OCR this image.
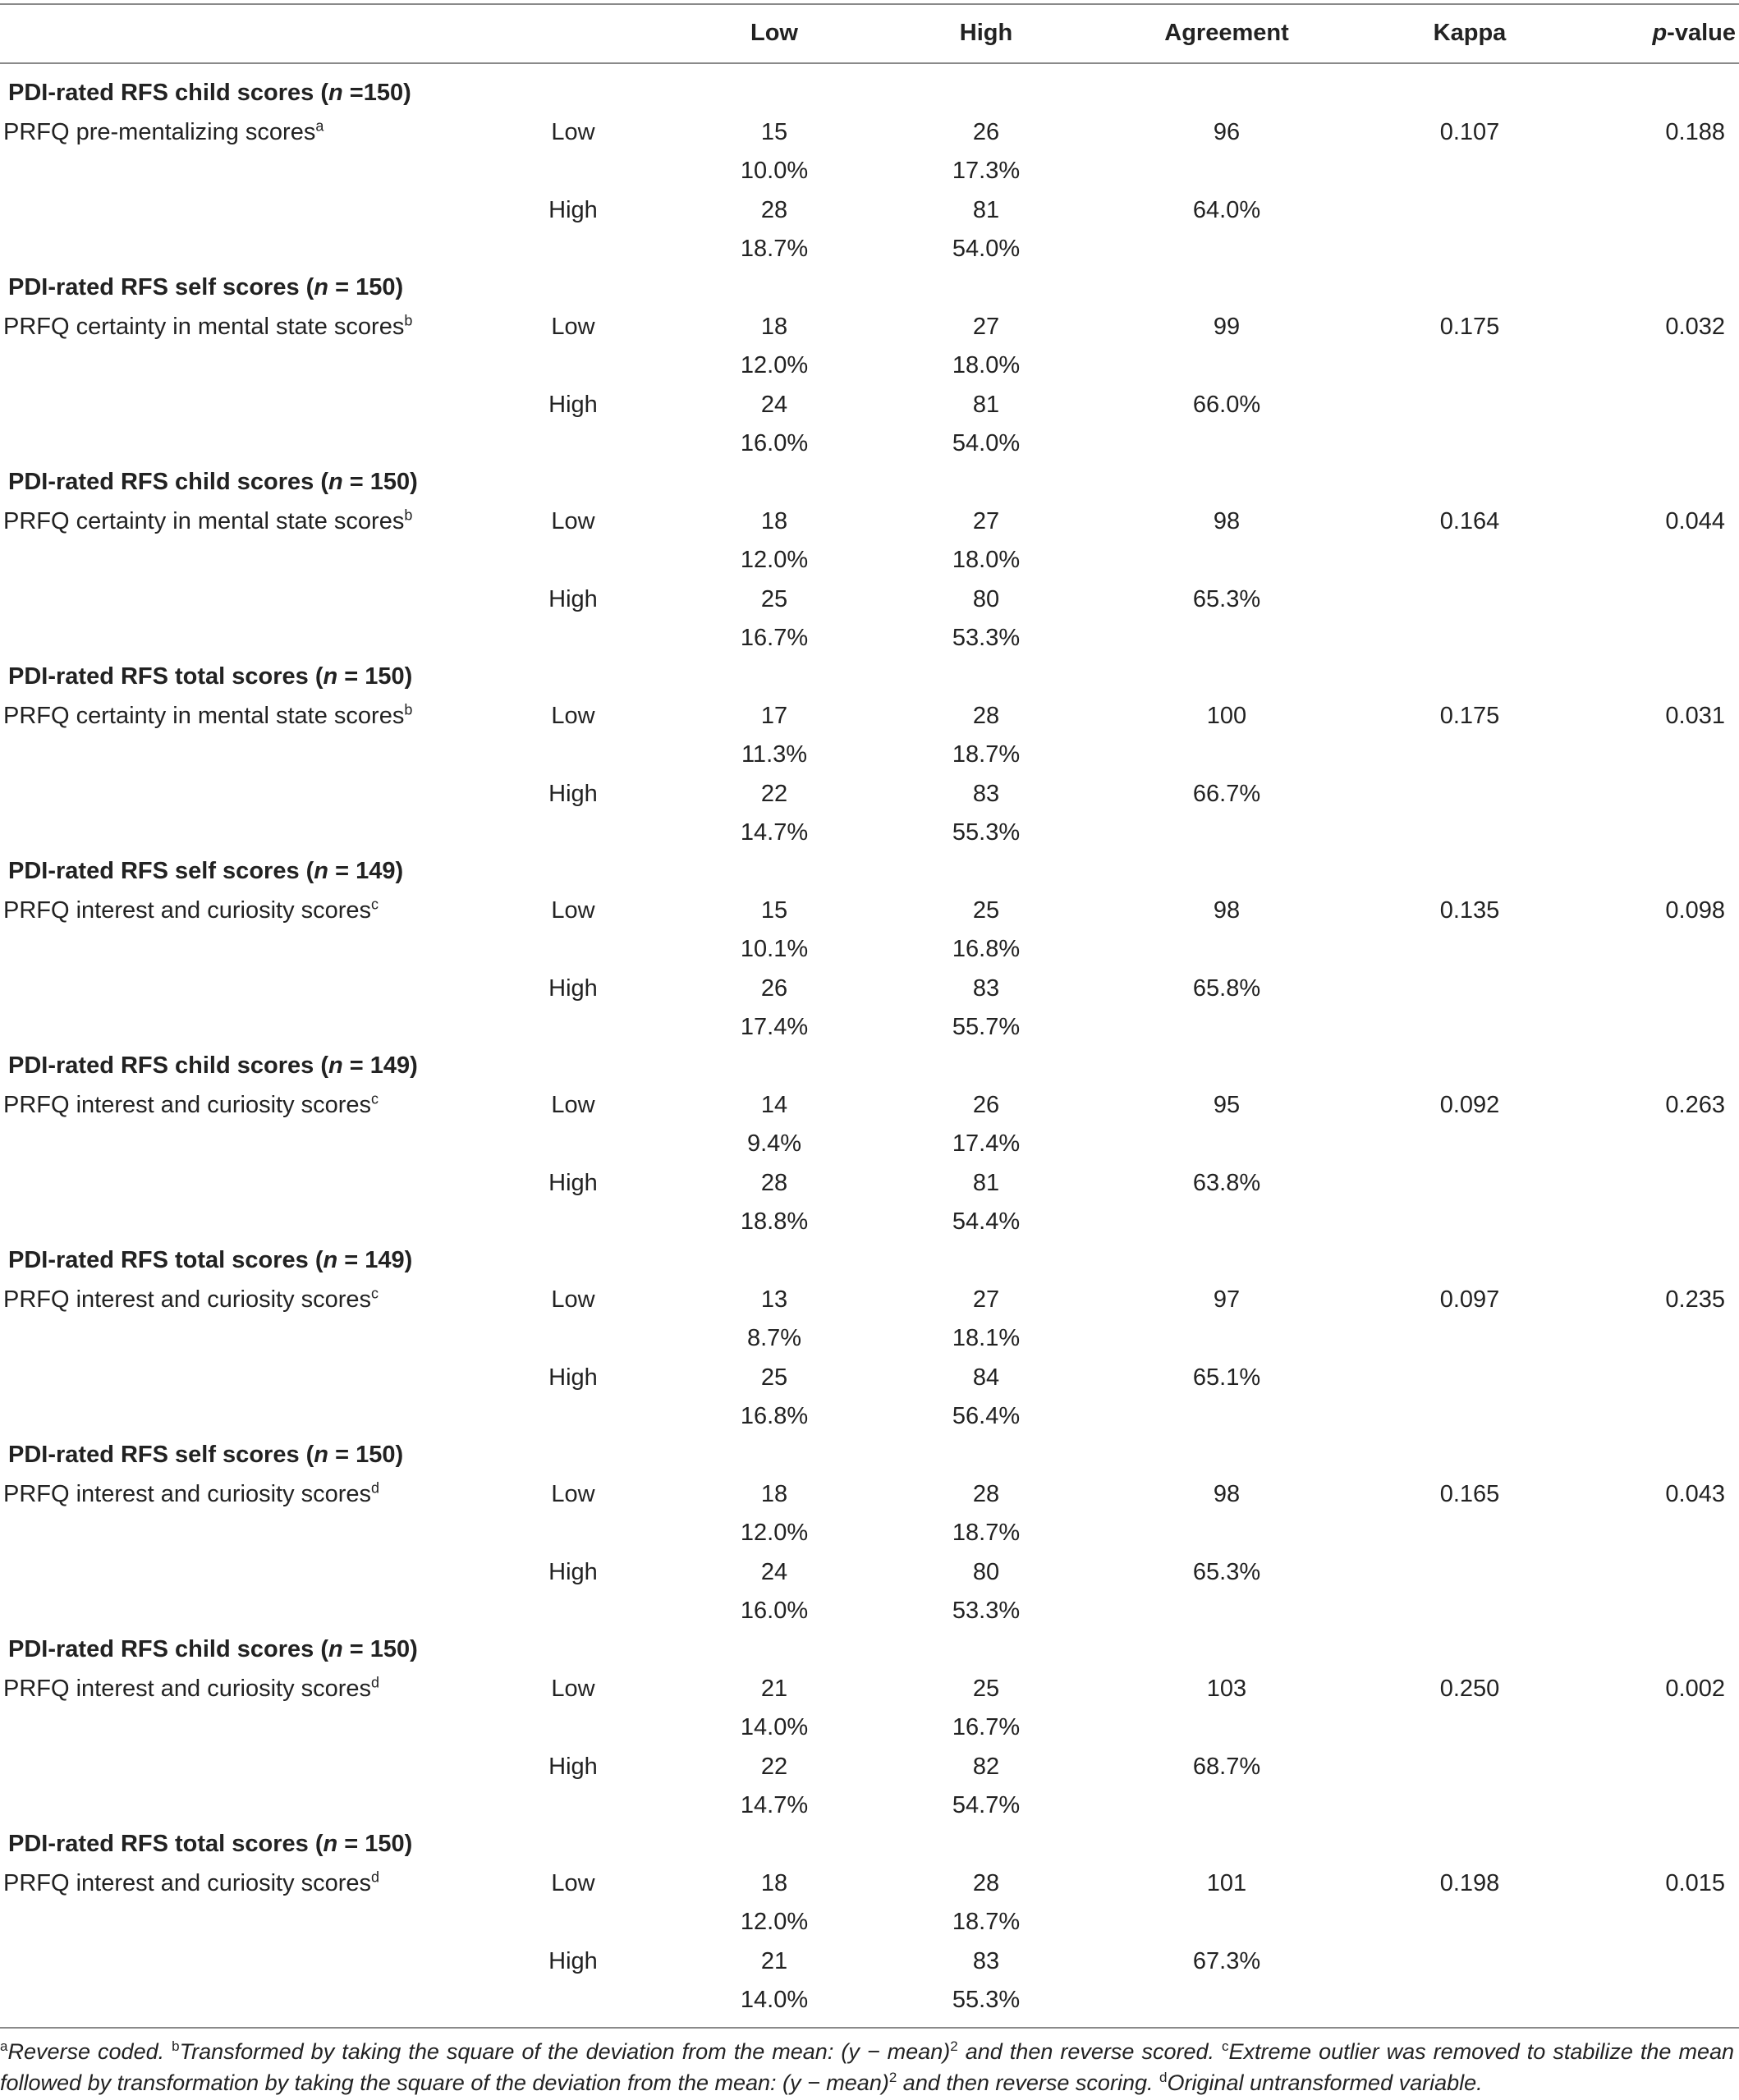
Low	High	Agreement	Kappa	p-value
PDI-rated RFS child scores (n =150)
PRFQ pre-mentalizing scores$^a$	Low	15	26	96	0.107	0.188
10.0%	17.3%
High	28	81	64.0%
18.7%	54.0%
PDI-rated RFS self scores (n = 150)
PRFQ certainty in mental state scores$^b$	Low	18	27	99	0.175	0.032
12.0%	18.0%
High	24	81	66.0%
16.0%	54.0%
PDI-rated RFS child scores (n = 150)
PRFQ certainty in mental state scores$^b$	Low	18	27	98	0.164	0.044
12.0%	18.0%
High	25	80	65.3%
16.7%	53.3%
PDI-rated RFS total scores (n = 150)
PRFQ certainty in mental state scores$^b$	Low	17	28	100	0.175	0.031
11.3%	18.7%
High	22	83	66.7%
14.7%	55.3%
PDI-rated RFS self scores (n = 149)
PRFQ interest and curiosity scores$^c$	Low	15	25	98	0.135	0.098
10.1%	16.8%
High	26	83	65.8%
17.4%	55.7%
PDI-rated RFS child scores (n = 149)
PRFQ interest and curiosity scores$^c$	Low	14	26	95	0.092	0.263
9.4%	17.4%
High	28	81	63.8%
18.8%	54.4%
PDI-rated RFS total scores (n = 149)
PRFQ interest and curiosity scores$^c$	Low	13	27	97	0.097	0.235
8.7%	18.1%
High	25	84	65.1%
16.8%	56.4%
PDI-rated RFS self scores (n = 150)
PRFQ interest and curiosity scores$^d$	Low	18	28	98	0.165	0.043
12.0%	18.7%
High	24	80	65.3%
16.0%	53.3%
PDI-rated RFS child scores (n = 150)
PRFQ interest and curiosity scores$^d$	Low	21	25	103	0.250	0.002
14.0%	16.7%
High	22	82	68.7%
14.7%	54.7%
PDI-rated RFS total scores (n = 150)
PRFQ interest and curiosity scores$^d$	Low	18	28	101	0.198	0.015
12.0%	18.7%
High	21	83	67.3%
14.0%	55.3%
$^a$Reverse coded. $^b$Transformed by taking the square of the deviation from the mean: (y − mean)$^2$ and then reverse scored. $^c$Extreme outlier was removed to stabilize the mean followed by transformation by taking the square of the deviation from the mean: (y − mean)$^2$ and then reverse scoring. $^d$Original untransformed variable.
